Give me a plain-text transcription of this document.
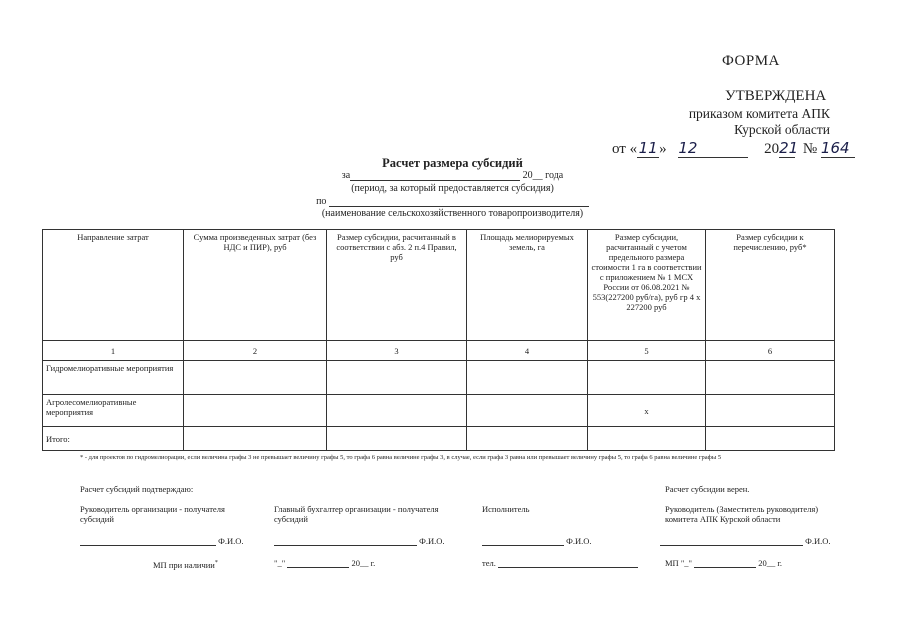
ФОРМА
УТВЕРЖДЕНА
приказом комитета АПК
Курской области
от «11» 12	2021 № 164
Расчет размера субсидий
за	20__ года
(период, за который предоставляется субсидия)
по
(наименование сельскохозяйственного товаропроизводителя)
Направление затрат	Сумма произведенных затрат (без НДС и ПИР), руб	Размер субсидии, расчитанный в соответствии с абз. 2 п.4 Правил, руб	Площадь мелиорируемых земель, га	Размер субсидии, расчитанный с учетом предельного размера стоимости 1 га в соответствии с приложением № 1 МСХ России от 06.08.2021 № 553(227200 руб/га), руб гр 4 х 227200 руб	Размер субсидии к перечислению, руб*
1	2	3	4	5	6
Гидромелиоративные мероприятия					
Агролесомелиоративные мероприятия				х	
Итого:					
* - для проектов по гидромелиорации, если величина графы 3 не превышает величину графы 5, то графа 6 равна величине графы 3, в случае, если графа 3 равна или превышает величину графы 5, то графа 6 равна величине графы 5
Расчет субсидий подтверждаю:	Расчет субсидии верен.
Руководитель организации - получателя субсидий
Главный бухгалтер организации - получателя субсидий
Исполнитель	Руководитель (Заместитель руководителя) комитета АПК Курской области
Ф.И.О.	Ф.И.О.	Ф.И.О.	Ф.И.О.
МП при наличии*	"_"	20__ г.	тел.	МП "_"	20__ г.
